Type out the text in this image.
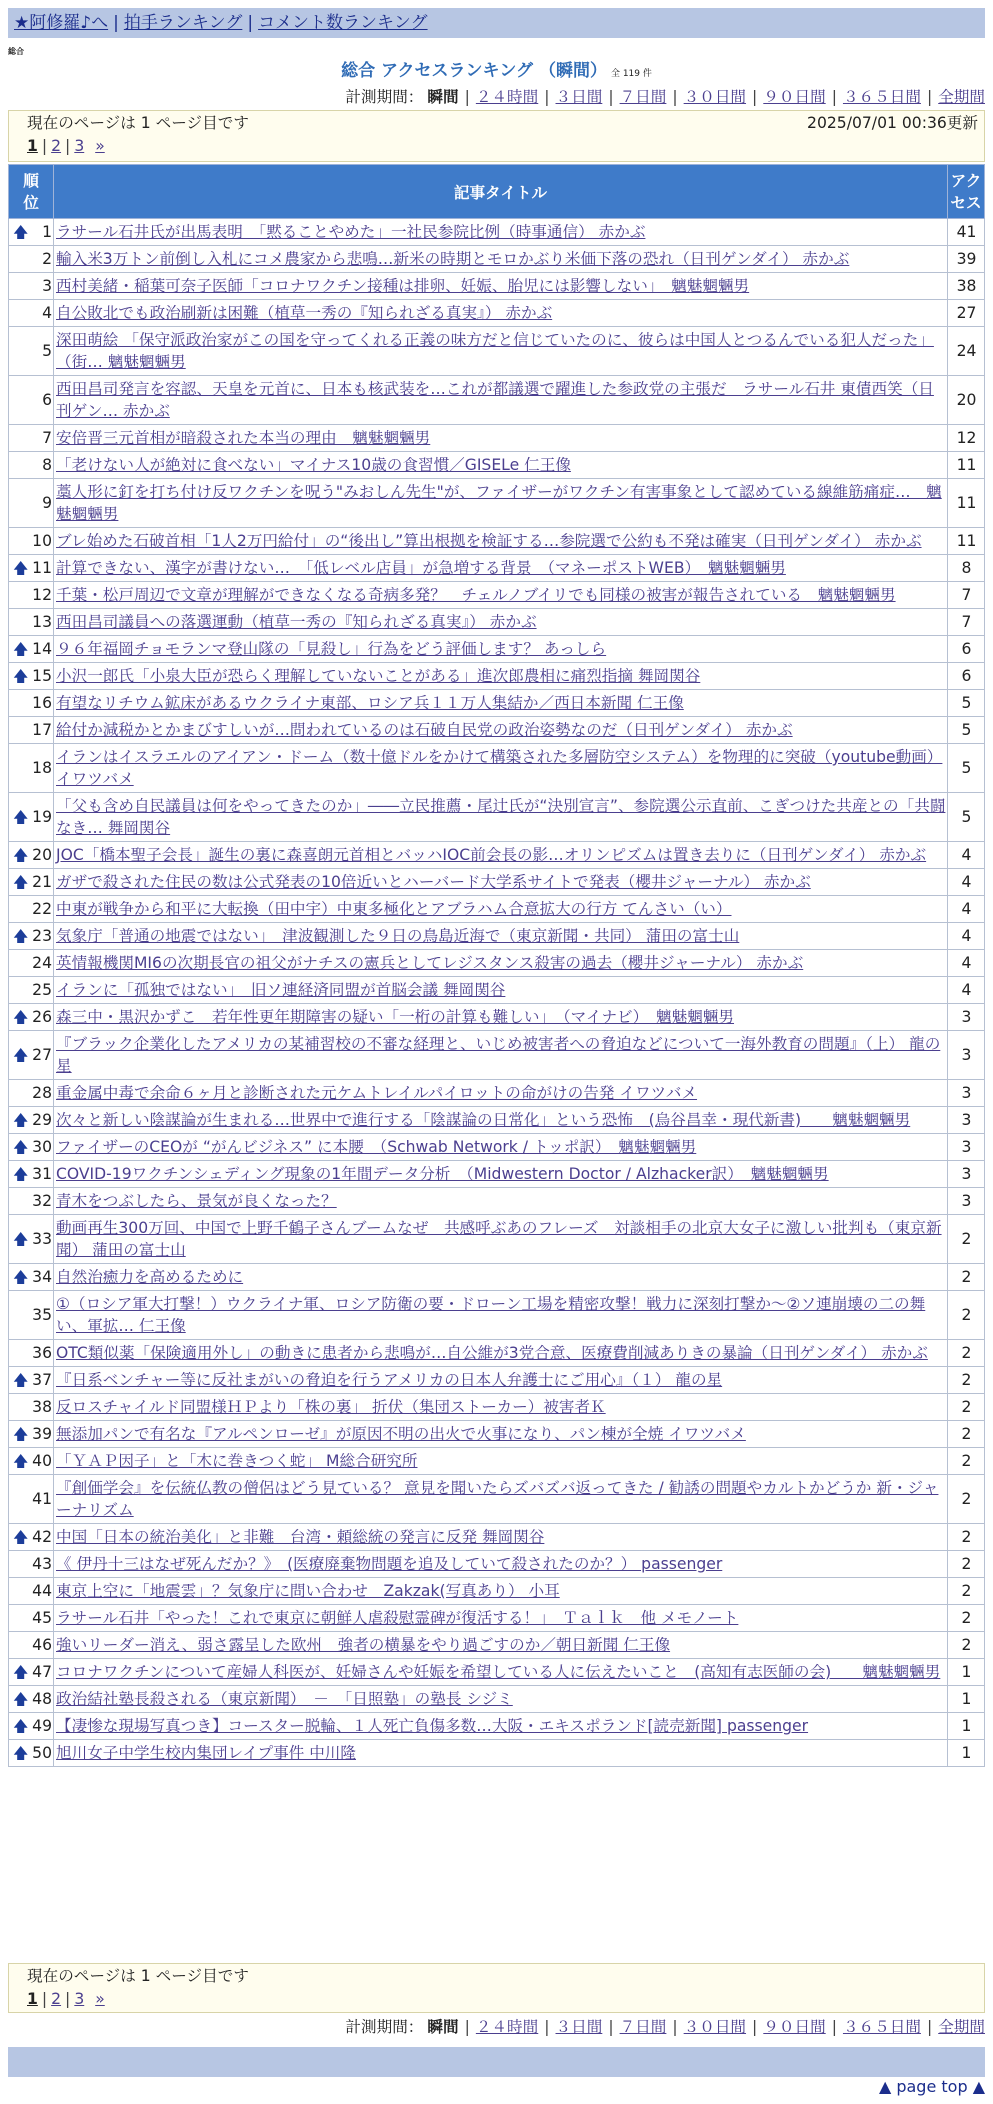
★阿修羅♪へ | 拍手ランキング | コメント数ランキング
総合
総合 アクセスランキング （瞬間） 全 119 件
計測期間： 瞬間 | ２４時間 | ３日間 | ７日間 | ３０日間 | ９０日間 | ３６５日間 | 全期間
現在のページは 1 ページ目です	2025/07/01 00:36更新
1 | 2 | 3 »
順位	記事タイトル	アクセス

🡅 1	ラサール石井氏が出馬表明　「黙ることやめた」一社民参院比例（時事通信） 赤かぶ	41
2	輸入米3万トン前倒し入札にコメ農家から悲鳴…新米の時期とモロかぶり米価下落の恐れ（日刊ゲンダイ） 赤かぶ	39
3	西村美緒・稲葉可奈子医師「コロナワクチン接種は排卵、妊娠、胎児には影響しない」　魑魅魍魎男	38
4	自公敗北でも政治刷新は困難（植草一秀の『知られざる真実』） 赤かぶ	27
5	深田萌絵 「保守派政治家がこの国を守ってくれる正義の味方だと信じていたのに、彼らは中国人とつるんでいる犯人だった」（街… 魑魅魍魎男	24
6	西田昌司発言を容認、天皇を元首に、日本も核武装を…これが都議選で躍進した参政党の主張だ　ラサール石井 東債西笑（日刊ゲン… 赤かぶ	20
7	安倍晋三元首相が暗殺された本当の理由　魑魅魍魎男	12
8	「老けない人が絶対に食べない」マイナス10歳の食習慣／GISELe 仁王像	11
9	藁人形に釘を打ち付け反ワクチンを呪う"みおしん先生"が、ファイザーがワクチン有害事象として認めている線維筋痛症…　魑魅魍魎男	11
10	ブレ始めた石破首相「1人2万円給付」の“後出し”算出根拠を検証する…参院選で公約も不発は確実（日刊ゲンダイ） 赤かぶ	11

🡅 11	計算できない、漢字が書けない…　「低レベル店員」が急増する背景　（マネーポストWEB）　魑魅魍魎男	8
12	千葉・松戸周辺で文章が理解ができなくなる奇病多発？　チェルノブイリでも同様の被害が報告されている　魑魅魍魎男	7
13	西田昌司議員への落選運動（植草一秀の『知られざる真実』） 赤かぶ	7

🡅 14	９６年福岡チョモランマ登山隊の「見殺し」行為をどう評価します？ あっしら	6

🡅 15	小沢一郎氏「小泉大臣が恐らく理解していないことがある」進次郎農相に痛烈指摘 舞岡関谷	6
16	有望なリチウム鉱床があるウクライナ東部、ロシア兵１１万人集結か／西日本新聞 仁王像	5
17	給付か減税かとかまびすしいが…問われているのは石破自民党の政治姿勢なのだ（日刊ゲンダイ） 赤かぶ	5
18	イランはイスラエルのアイアン・ドーム（数十億ドルをかけて構築された多層防空システム）を物理的に突破（youtube動画） イワツバメ	5

🡅 19	「父も含め自民議員は何をやってきたのか」――立民推薦・尾辻氏が“決別宣言”、参院選公示直前、こぎつけた共産との「共闘なき… 舞岡関谷	5

🡅 20	JOC「橋本聖子会長」誕生の裏に森喜朗元首相とバッハIOC前会長の影…オリンピズムは置き去りに（日刊ゲンダイ） 赤かぶ	4

🡅 21	ガザで殺された住民の数は公式発表の10倍近いとハーバード大学系サイトで発表（櫻井ジャーナル） 赤かぶ	4
22	中東が戦争から和平に大転換（田中宇）中東多極化とアブラハム合意拡大の行方 てんさい（い）	4

🡅 23	気象庁「普通の地震ではない」　津波観測した９日の鳥島近海で（東京新聞・共同） 蒲田の富士山	4
24	英情報機関MI6の次期長官の祖父がナチスの憲兵としてレジスタンス殺害の過去（櫻井ジャーナル） 赤かぶ	4
25	イランに「孤独ではない」　旧ソ連経済同盟が首脳会議 舞岡関谷	4

🡅 26	森三中・黒沢かずこ　若年性更年期障害の疑い「一桁の計算も難しい」　（マイナビ）　魑魅魍魎男	3

🡅 27	『ブラック企業化したアメリカの某補習校の不審な経理と、いじめ被害者への脅迫などについて一海外教育の問題』（上） 龍の星	3
28	重金属中毒で余命６ヶ月と診断された元ケムトレイルパイロットの命がけの告発 イワツバメ	3

🡅 29	次々と新しい陰謀論が生まれる…世界中で進行する「陰謀論の日常化」という恐怖　(烏谷昌幸・現代新書)　　魑魅魍魎男	3

🡅 30	ファイザーのCEOが “がんビジネス” に本腰　（Schwab Network / トッポ訳）　魑魅魍魎男	3

🡅 31	COVID-19ワクチンシェディング現象の1年間データ分析　（Midwestern Doctor / Alzhacker訳）　魑魅魍魎男	3
32	青木をつぶしたら、景気が良くなった？	3

🡅 33	動画再生300万回、中国で上野千鶴子さんブームなぜ　共感呼ぶあのフレーズ　対談相手の北京大女子に激しい批判も（東京新聞） 蒲田の富士山	2

🡅 34	自然治癒力を高めるために	2
35	①（ロシア軍大打撃！）ウクライナ軍、ロシア防衛の要・ドローン工場を精密攻撃！戦力に深刻打撃か～②ソ連崩壊の二の舞い、軍拡… 仁王像	2
36	OTC類似薬「保険適用外し」の動きに患者から悲鳴が…自公維が3党合意、医療費削減ありきの暴論（日刊ゲンダイ） 赤かぶ	2

🡅 37	『日系ベンチャー等に反社まがいの脅迫を行うアメリカの日本人弁護士にご用心』（１） 龍の星	2
38	反ロスチャイルド同盟様ＨＰより「株の裏」 折伏（集団ストーカー）被害者Ｋ	2

🡅 39	無添加パンで有名な『アルペンローゼ』が原因不明の出火で火事になり、パン棟が全焼 イワツバメ	2

🡅 40	「ＹＡＰ因子」と「木に巻きつく蛇」 M総合研究所	2
41	『創価学会』を伝統仏教の僧侶はどう見ている？ 意見を聞いたらズバズバ返ってきた / 勧誘の問題やカルトかどうか 新・ジャーナリズム	2

🡅 42	中国「日本の統治美化」と非難　台湾・頼総統の発言に反発 舞岡関谷	2
43	《 伊丹十三はなぜ死んだか？》　(医療廃棄物問題を追及していて殺されたのか？） passenger	2
44	東京上空に「地震雲」？気象庁に問い合わせ　Zakzak(写真あり） 小耳	2
45	ラサール石井「やった！これで東京に朝鮮人虐殺慰霊碑が復活する！」　Ｔａｌｋ　他 メモノート	2
46	強いリーダー消え、弱さ露呈した欧州　強者の横暴をやり過ごすのか／朝日新聞 仁王像	2

🡅 47	コロナワクチンについて産婦人科医が、妊婦さんや妊娠を希望している人に伝えたいこと　(高知有志医師の会)　　魑魅魍魎男	1

🡅 48	政治結社塾長殺される（東京新聞）　－　「日照塾」の塾長 シジミ	1

🡅 49	【凄惨な現場写真つき】コースター脱輪、１人死亡負傷多数…大阪・エキスポランド[読売新聞] passenger	1

🡅 50	旭川女子中学生校内集団レイプ事件 中川隆	1
現在のページは 1 ページ目です
1 | 2 | 3 »
計測期間： 瞬間 | ２４時間 | ３日間 | ７日間 | ３０日間 | ９０日間 | ３６５日間 | 全期間
▲ page top ▲
